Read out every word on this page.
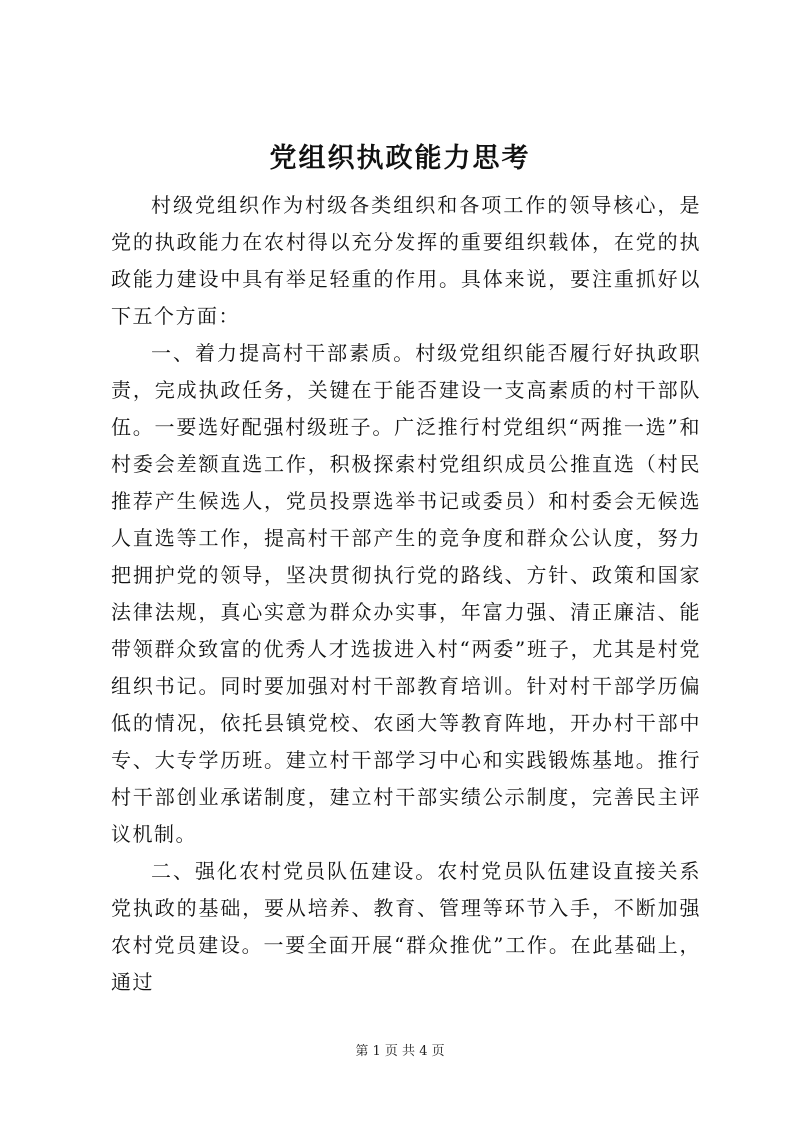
党组织执政能力思考

村级党组织作为村级各类组织和各项工作的领导核心，是党的执政能力在农村得以充分发挥的重要组织载体，在党的执政能力建设中具有举足轻重的作用。具体来说，要注重抓好以下五个方面：

一、着力提高村干部素质。村级党组织能否履行好执政职责，完成执政任务，关键在于能否建设一支高素质的村干部队伍。一要选好配强村级班子。广泛推行村党组织“两推一选”和村委会差额直选工作，积极探索村党组织成员公推直选（村民推荐产生候选人，党员投票选举书记或委员）和村委会无候选人直选等工作，提高村干部产生的竞争度和群众公认度，努力把拥护党的领导，坚决贯彻执行党的路线、方针、政策和国家法律法规，真心实意为群众办实事，年富力强、清正廉洁、能带领群众致富的优秀人才选拔进入村“两委”班子，尤其是村党组织书记。同时要加强对村干部教育培训。针对村干部学历偏低的情况，依托县镇党校、农函大等教育阵地，开办村干部中专、大专学历班。建立村干部学习中心和实践锻炼基地。推行村干部创业承诺制度，建立村干部实绩公示制度，完善民主评议机制。

二、强化农村党员队伍建设。农村党员队伍建设直接关系党执政的基础，要从培养、教育、管理等环节入手，不断加强农村党员建设。一要全面开展“群众推优”工作。在此基础上，通过

第 1 页 共 4 页
